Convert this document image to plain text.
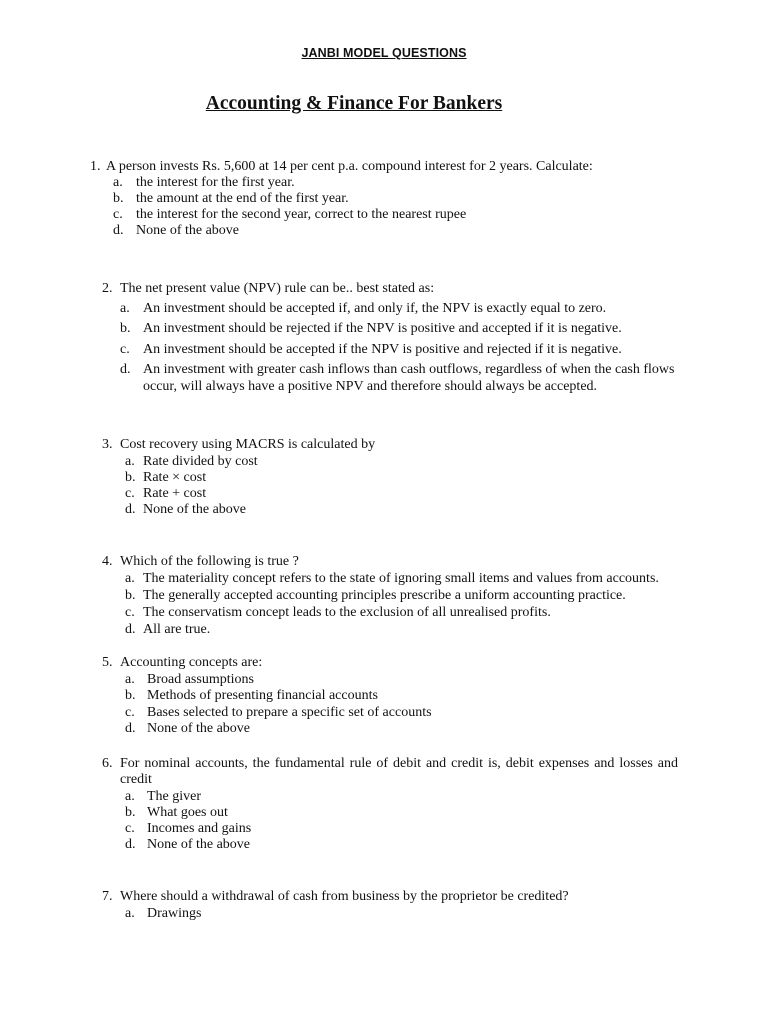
JANBI MODEL QUESTIONS
Accounting & Finance For Bankers
1. A person invests Rs. 5,600 at 14 per cent p.a. compound interest for 2 years. Calculate:
a. the interest for the first year.
b. the amount at the end of the first year.
c. the interest for the second year, correct to the nearest rupee
d. None of the above
2. The net present value (NPV) rule can be.. best stated as:
a. An investment should be accepted if, and only if, the NPV is exactly equal to zero.
b. An investment should be rejected if the NPV is positive and accepted if it is negative.
c. An investment should be accepted if the NPV is positive and rejected if it is negative.
d. An investment with greater cash inflows than cash outflows, regardless of when the cash flows
occur, will always have a positive NPV and therefore should always be accepted.
3. Cost recovery using MACRS is calculated by
a. Rate divided by cost
b. Rate × cost
c. Rate + cost
d. None of the above
4. Which of the following is true ?
a. The materiality concept refers to the state of ignoring small items and values from accounts.
b. The generally accepted accounting principles prescribe a uniform accounting practice.
c. The conservatism concept leads to the exclusion of all unrealised profits.
d. All are true.
5. Accounting concepts are:
a. Broad assumptions
b. Methods of presenting financial accounts
c. Bases selected to prepare a specific set of accounts
d. None of the above
6. For nominal accounts, the fundamental rule of debit and credit is, debit expenses and losses and
credit
a. The giver
b. What goes out
c. Incomes and gains
d. None of the above
7. Where should a withdrawal of cash from business by the proprietor be credited?
a. Drawings
